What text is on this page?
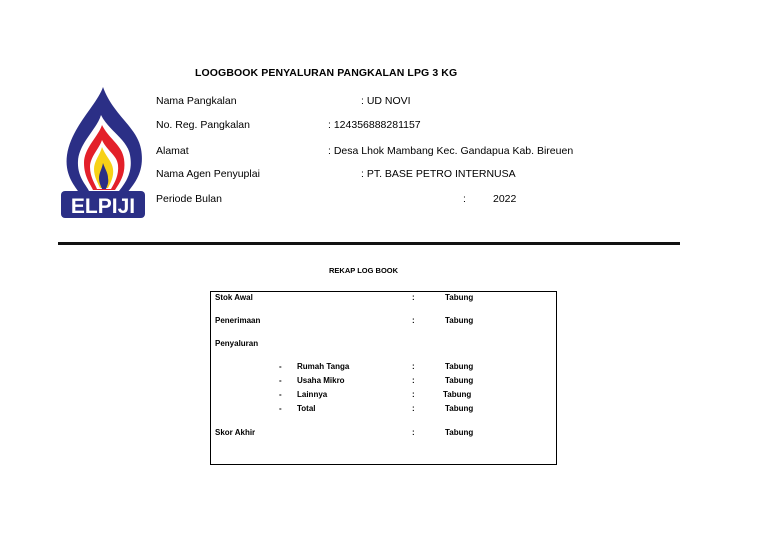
LOOGBOOK PENYALURAN PANGKALAN LPG 3 KG
ELPIJI
Nama Pangkalan	: UD NOVI
No. Reg. Pangkalan	: 124356888281157
Alamat	: Desa Lhok Mambang Kec. Gandapua Kab. Bireuen
Nama Agen Penyuplai	: PT. BASE PETRO INTERNUSA
Periode Bulan	:	2022
REKAP LOG BOOK
Stok Awal	:	Tabung
Penerimaan	:	Tabung
Penyaluran
- Rumah Tanga	:	Tabung
- Usaha Mikro	:	Tabung
- Lainnya	:	Tabung
- Total	:	Tabung
Skor Akhir	:	Tabung
